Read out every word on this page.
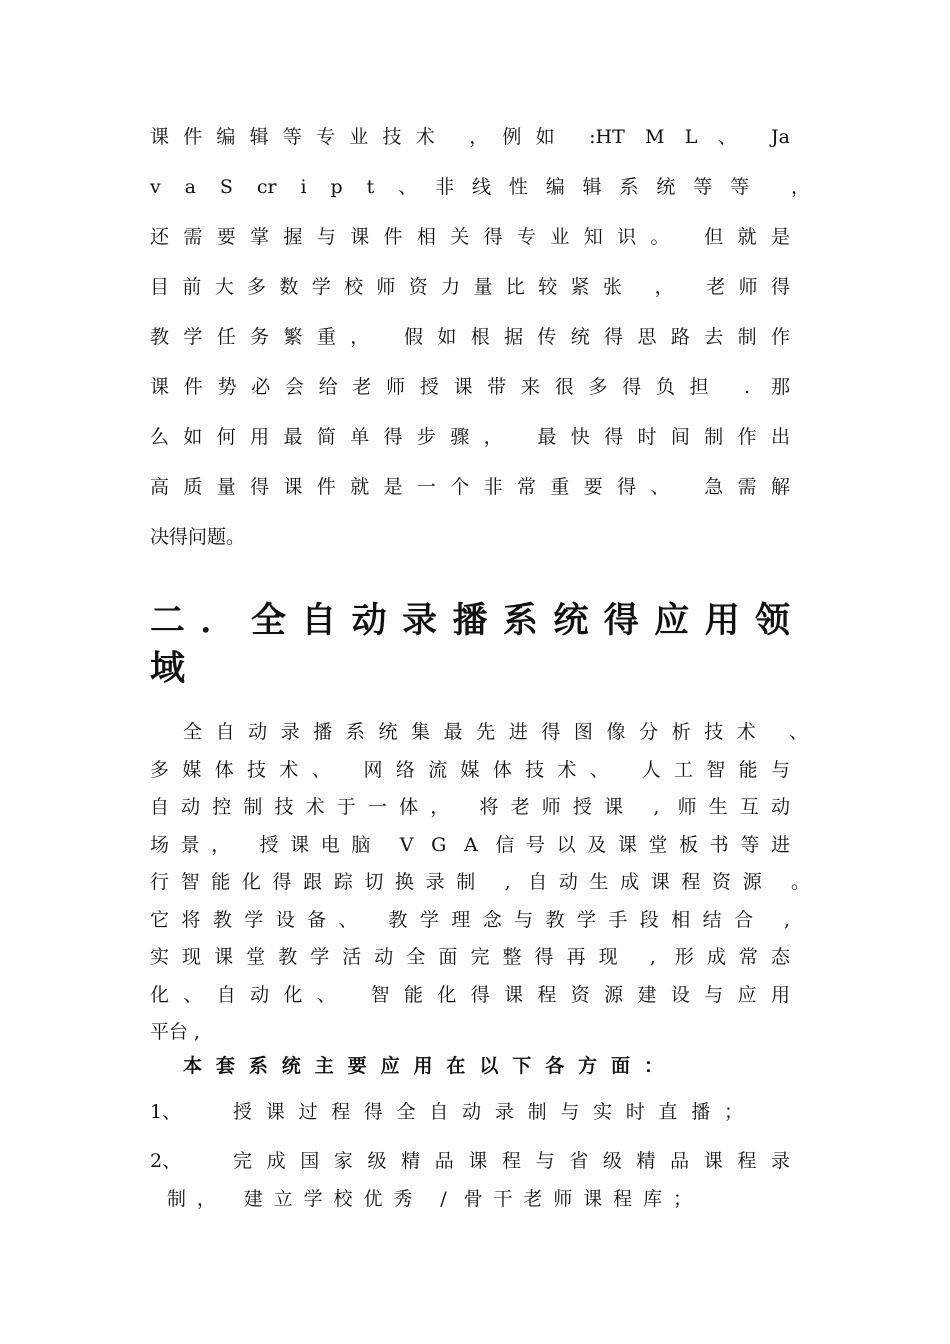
课件编辑等专业技术 ，例如 :HT M L 、 Ja
v a S cr i p t 、非线性编辑系统等等 ，
还需要掌握与课件相关得专业知识。 但就是
目前大多数学校师资力量比较紧张 ， 老师得
教学任务繁重， 假如根据传统得思路去制作
课件势必会给老师授课带来很多得负担 . 那
么如何用最简单得步骤， 最快得时间制作出
高质量得课件就是一个非常重要得、 急需解
决得问题。
二．全自动录播系统得应用领
域
全自动录播系统集最先进得图像分析技术 、
多媒体技术、 网络流媒体技术、 人工智能与
自动控制技术于一体， 将老师授课 , 师生互动
场景， 授课电脑 V G A 信号以及课堂板书等进
行智能化得跟踪切换录制 , 自动生成课程资源 。
它将教学设备、 教学理念与教学手段相结合 ,
实现课堂教学活动全面完整得再现 , 形成常态
化、自动化、 智能化得课程资源建设与应用
平台 ,
本套系统主要应用在以下各方面：
1、	授课过程得全自动录制与实时直播；
2、	完成国家级精品课程与省级精品课程录
制， 建立学校优秀 / 骨干老师课程库；
